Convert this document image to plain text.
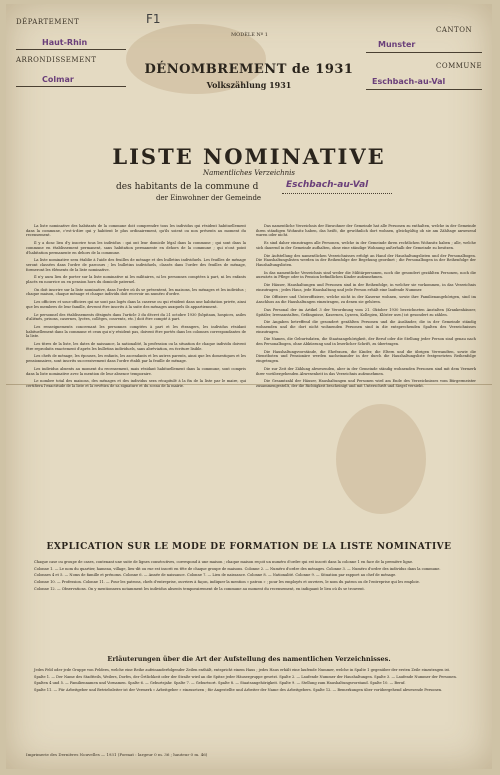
DÉPARTEMENT
Haut-Rhin
ARRONDISSEMENT
Colmar
F1
MODÈLE Nº 1
CANTON
Munster
COMMUNE
Eschbach-au-Val
DÉNOMBREMENT de 1931
Volkszählung 1931
LISTE NOMINATIVE
Namentliches Verzeichnis
des habitants de la commune d	Eschbach-au-Val
der Einwohner der Gemeinde

La liste nominative des habitants de la commune doit comprendre tous les individus qui résident habituellement dans la commune, c'est-à-dire qui y habitent le plus ordinairement, qu'ils soient ou non présents au moment du recensement.

Il y a donc lieu d'y inscrire tous les individus : qui ont leur domicile légal dans la commune ; qui sont dans la commune en établissement permanent, sans habitation permanente en dehors de la commune ; qui n'ont point d'habitation permanente en dehors de la commune.

La liste nominative sera établie à l'aide des feuilles de ménage et des bulletins individuels. Les feuilles de ménage seront classées dans l'ordre de parcours ; les bulletins individuels, classés dans l'ordre des feuilles de ménage, formeront les éléments de la liste nominative.

Il n'y aura lieu de porter sur la liste nominative ni les militaires, ni les personnes comptées à part, ni les enfants placés en nourrice ou en pension hors du domicile paternel.

On doit inscrire sur la liste nominative, dans l'ordre où ils se présentent, les maisons, les ménages et les individus ; chaque maison, chaque ménage et chaque individu doit recevoir un numéro d'ordre.

Les officiers et sous-officiers qui ne sont pas logés dans la caserne ou qui résident dans une habitation privée, ainsi que les membres de leur famille, devront être inscrits à la suite des ménages auxquels ils appartiennent.

Le personnel des établissements désignés dans l'article 3 du décret du 21 octobre 1930 (hôpitaux, hospices, asiles d'aliénés, prisons, casernes, lycées, collèges, couvents, etc.) doit être compté à part.

Les renseignements concernant les personnes comptées à part et les étrangers, les individus résidant habituellement dans la commune et ceux qui n'y résident pas, doivent être portés dans les colonnes correspondantes de la liste.

Les titres de la liste, les dates de naissance, la nationalité, la profession ou la situation de chaque individu doivent être reproduits exactement d'après les bulletins individuels, sans abréviation, en écriture lisible.

Les chefs de ménage, les épouses, les enfants, les ascendants et les autres parents, ainsi que les domestiques et les pensionnaires, sont inscrits successivement dans l'ordre établi par la feuille de ménage.

Les individus absents au moment du recensement, mais résidant habituellement dans la commune, sont compris dans la liste nominative avec la mention de leur absence temporaire.

Le nombre total des maisons, des ménages et des individus sera récapitulé à la fin de la liste par le maire, qui certifiera l'exactitude de la liste et la revêtira de sa signature et du sceau de la mairie.

Das namentliche Verzeichnis der Einwohner der Gemeinde hat alle Personen zu enthalten, welche in der Gemeinde ihren ständigen Wohnsitz haben, das heißt, die gewöhnlich dort wohnen, gleichgültig ob sie am Zähltage anwesend waren oder nicht.

Es sind daher einzutragen alle Personen, welche in der Gemeinde ihren rechtlichen Wohnsitz haben ; alle, welche sich dauernd in der Gemeinde aufhalten, ohne eine ständige Wohnung außerhalb der Gemeinde zu besitzen.

Die Aufstellung des namentlichen Verzeichnisses erfolgt an Hand der Haushaltungslisten und der Personalbogen. Die Haushaltungslisten werden in der Reihenfolge der Begehung geordnet ; die Personalbogen in der Reihenfolge der Haushaltungslisten.

In das namentliche Verzeichnis sind weder die Militärpersonen, noch die gesondert gezählten Personen, noch die auswärts in Pflege oder in Pension befindlichen Kinder aufzunehmen.

Die Häuser, Haushaltungen und Personen sind in der Reihenfolge, in welcher sie vorkommen, in das Verzeichnis einzutragen ; jedes Haus, jede Haushaltung und jede Person erhält eine laufende Nummer.

Die Offiziere und Unteroffiziere, welche nicht in der Kaserne wohnen, sowie ihre Familienangehörigen, sind im Anschluss an die Haushaltungen einzutragen, zu denen sie gehören.

Das Personal der im Artikel 3 der Verordnung vom 21. Oktober 1930 bezeichneten Anstalten (Krankenhäuser, Spitäler, Irrenanstalten, Gefängnisse, Kasernen, Lyzeen, Kollegien, Klöster usw.) ist gesondert zu zählen.

Die Angaben betreffend die gesondert gezählten Personen und die Ausländer, die in der Gemeinde ständig wohnenden und die dort nicht wohnenden Personen sind in die entsprechenden Spalten des Verzeichnisses einzutragen.

Die Namen, die Geburtsdaten, die Staatsangehörigkeit, der Beruf oder die Stellung jeder Person sind genau nach den Personalbogen, ohne Abkürzung und in leserlicher Schrift, zu übertragen.

Die Haushaltungsvorstände, die Ehefrauen, die Kinder, die Eltern und die übrigen Verwandten, sowie die Dienstboten und Pensionäre werden nacheinander in der durch die Haushaltungsliste festgesetzten Reihenfolge eingetragen.

Die zur Zeit der Zählung abwesenden, aber in der Gemeinde ständig wohnenden Personen sind mit dem Vermerk ihrer vorübergehenden Abwesenheit in das Verzeichnis aufzunehmen.

Die Gesamtzahl der Häuser, Haushaltungen und Personen wird am Ende des Verzeichnisses vom Bürgermeister zusammengestellt, der die Richtigkeit bescheinigt und mit Unterschrift und Siegel versieht.

EXPLICATION SUR LE MODE DE FORMATION DE LA LISTE NOMINATIVE

Chaque case ou groupe de cases, contenant une suite de lignes consécutives, correspond à une maison ; chaque maison reçoit un numéro d'ordre qui est inscrit dans la colonne 1 en face de la première ligne.

Colonne 1. — Le nom du quartier, hameau, village, lieu-dit ou rue est inscrit en tête de chaque groupe de maisons. Colonne 2. — Numéro d'ordre des ménages. Colonne 3. — Numéro d'ordre des individus dans la commune.

Colonnes 4 et 5. — Noms de famille et prénoms. Colonne 6. — Année de naissance. Colonne 7. — Lieu de naissance. Colonne 8. — Nationalité. Colonne 9. — Situation par rapport au chef de ménage.

Colonne 10. — Profession. Colonne 11. — Pour les patrons, chefs d'entreprise, ouvriers à façon, indiquer la mention « patron » ; pour les employés et ouvriers, le nom du patron ou de l'entreprise qui les emploie.

Colonne 12. — Observations. On y mentionnera notamment les individus absents temporairement de la commune au moment du recensement, en indiquant le lieu où ils se trouvent.

Erläuterungen über die Art der Aufstellung des namentlichen Verzeichnisses.

Jedes Feld oder jede Gruppe von Feldern, welche eine Reihe aufeinanderfolgender Zeilen enthält, entspricht einem Haus ; jedes Haus erhält eine laufende Nummer, welche in Spalte 1 gegenüber der ersten Zeile einzutragen ist.

Spalte 1. — Der Name des Stadtteils, Weilers, Dorfes, der Örtlichkeit oder der Straße wird an die Spitze jeder Häusergruppe gesetzt. Spalte 2. — Laufende Nummer der Haushaltungen. Spalte 3. — Laufende Nummer der Personen.

Spalten 4 und 5. — Familiennamen und Vornamen. Spalte 6. — Geburtsjahr. Spalte 7. — Geburtsort. Spalte 8. — Staatsangehörigkeit. Spalte 9. — Stellung zum Haushaltungsvorstand. Spalte 10. — Beruf.

Spalte 11. — Für Arbeitgeber und Betriebsleiter ist der Vermerk « Arbeitgeber » einzusetzen ; für Angestellte und Arbeiter der Name des Arbeitgebers. Spalte 12. — Bemerkungen über vorübergehend abwesende Personen.

Imprimerie des Dernières Nouvelles — 1931 (Format : largeur 0 m. 36 ; hauteur 0 m. 46)
